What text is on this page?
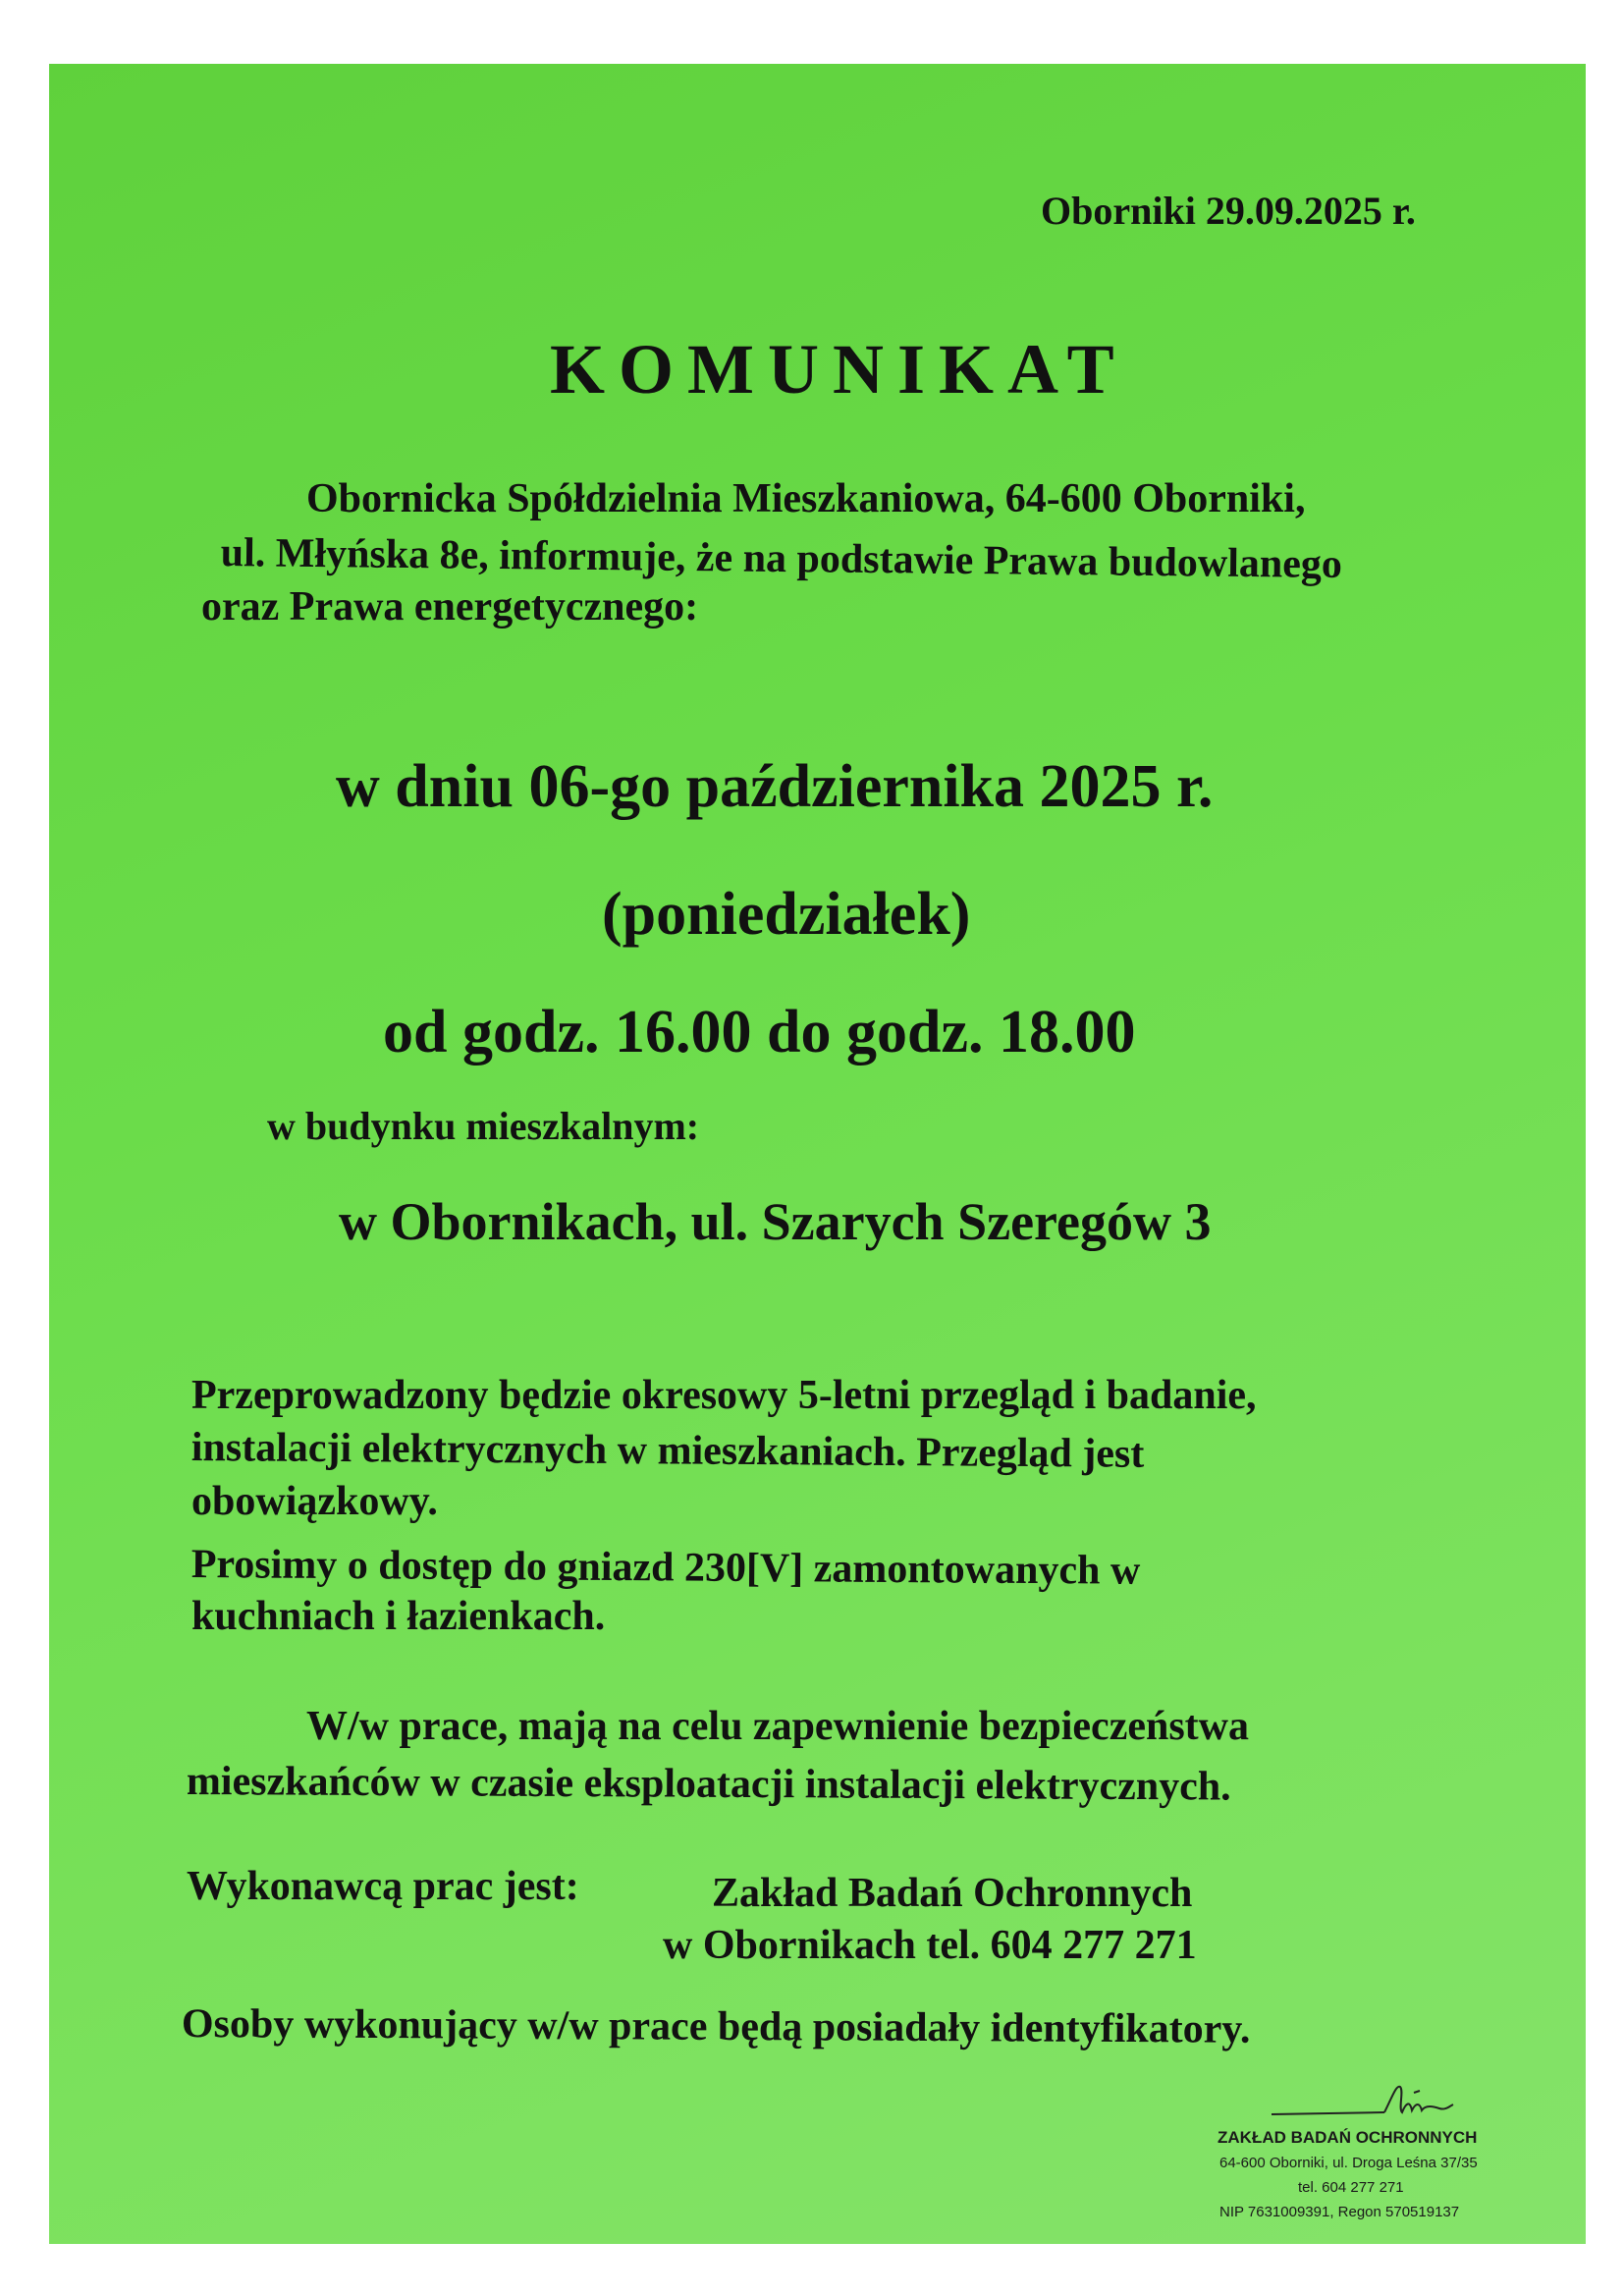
Oborniki 29.09.2025 r.
KOMUNIKAT
Obornicka Spółdzielnia Mieszkaniowa, 64-600 Oborniki,
ul. Młyńska 8e, informuje, że na podstawie Prawa budowlanego
oraz Prawa energetycznego:
w dniu 06-go października 2025 r.
(poniedziałek)
od godz. 16.00 do godz. 18.00
w budynku mieszkalnym:
w Obornikach, ul. Szarych Szeregów 3
Przeprowadzony będzie okresowy 5-letni przegląd i badanie,
instalacji elektrycznych w mieszkaniach. Przegląd jest
obowiązkowy.
Prosimy o dostęp do gniazd 230[V] zamontowanych w
kuchniach i łazienkach.
W/w prace, mają na celu zapewnienie bezpieczeństwa
mieszkańców w czasie eksploatacji instalacji elektrycznych.
Wykonawcą prac jest:	Zakład Badań Ochronnych
w Obornikach tel. 604 277 271
Osoby wykonujący w/w prace będą posiadały identyfikatory.
ZAKŁAD BADAŃ OCHRONNYCH
64-600 Oborniki, ul. Droga Leśna 37/35
tel. 604 277 271
NIP 7631009391, Regon 570519137
